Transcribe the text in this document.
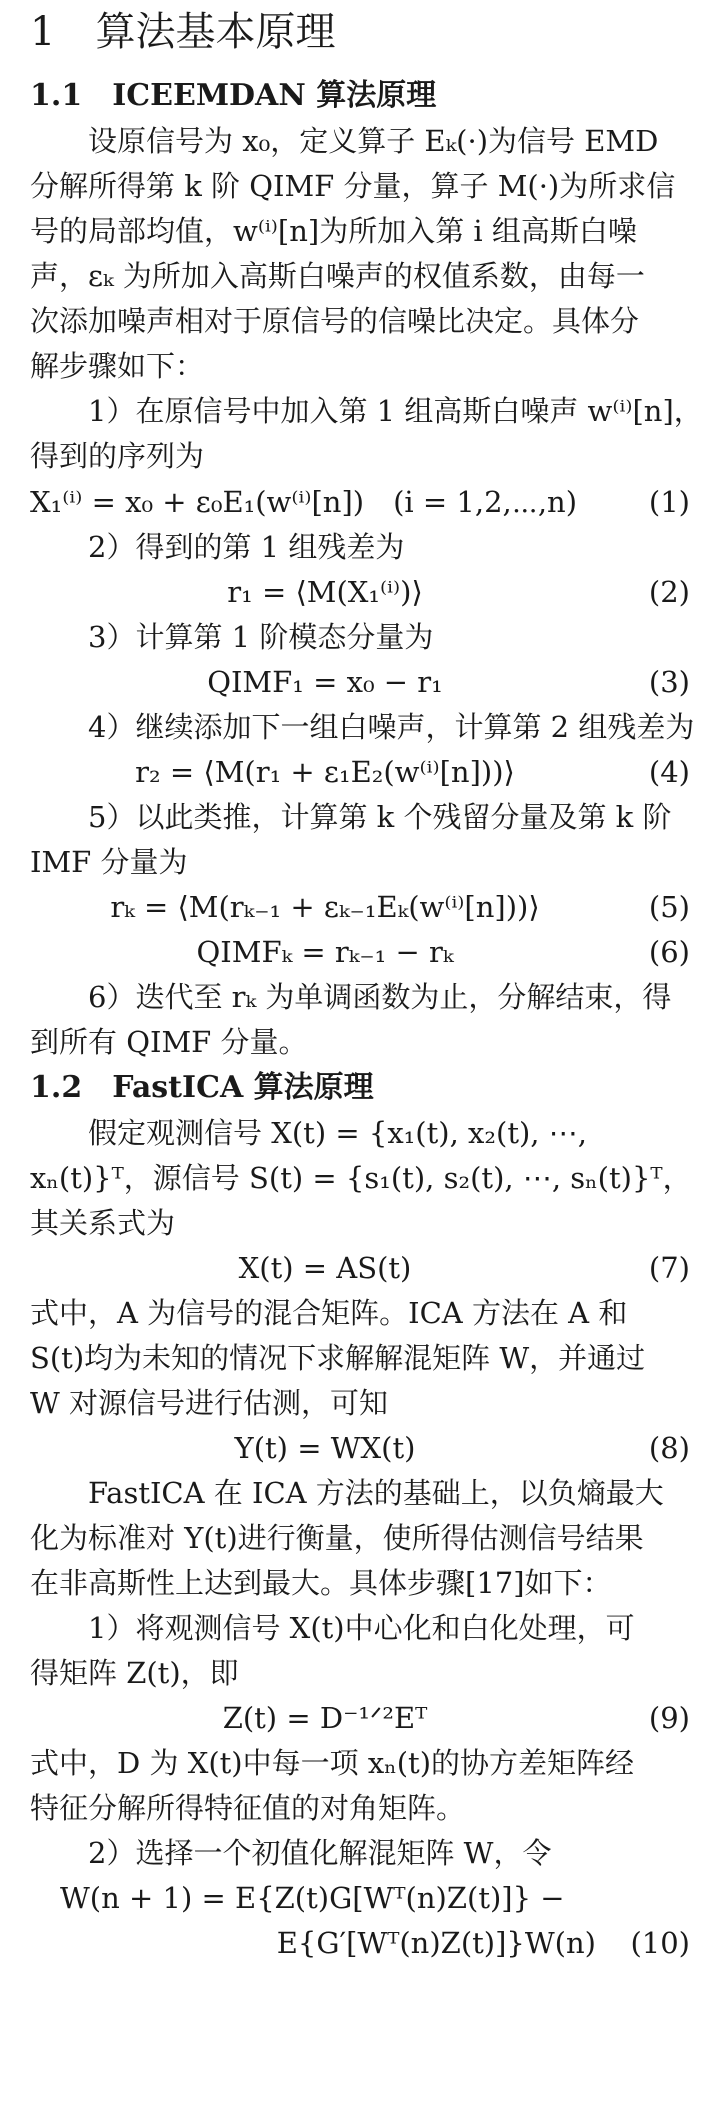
1　算法基本原理
1.1　ICEEMDAN 算法原理
设原信号为 x₀，定义算子 Eₖ(·)为信号 EMD
分解所得第 k 阶 QIMF 分量，算子 M(·)为所求信
号的局部均值，w⁽ⁱ⁾[n]为所加入第 i 组高斯白噪
声，εₖ 为所加入高斯白噪声的权值系数，由每一
次添加噪声相对于原信号的信噪比决定。具体分
解步骤如下：
1）在原信号中加入第 1 组高斯白噪声 w⁽ⁱ⁾[n]，
得到的序列为
X₁⁽ⁱ⁾ = x₀ + ε₀E₁(w⁽ⁱ⁾[n])　(i = 1,2,⋯,n)	(1)
2）得到的第 1 组残差为
r₁ = ⟨M(X₁⁽ⁱ⁾)⟩	(2)
3）计算第 1 阶模态分量为
QIMF₁ = x₀ − r₁	(3)
4）继续添加下一组白噪声，计算第 2 组残差为
r₂ = ⟨M(r₁ + ε₁E₂(w⁽ⁱ⁾[n]))⟩	(4)
5）以此类推，计算第 k 个残留分量及第 k 阶
IMF 分量为
rₖ = ⟨M(rₖ₋₁ + εₖ₋₁Eₖ(w⁽ⁱ⁾[n]))⟩	(5)
QIMFₖ = rₖ₋₁ − rₖ	(6)
6）迭代至 rₖ 为单调函数为止，分解结束，得
到所有 QIMF 分量。
1.2　FastICA 算法原理
假定观测信号 X(t) = {x₁(t), x₂(t), ⋯,
xₙ(t)}ᵀ，源信号 S(t) = {s₁(t), s₂(t), ⋯, sₙ(t)}ᵀ，
其关系式为
X(t) = AS(t)	(7)
式中，A 为信号的混合矩阵。ICA 方法在 A 和
S(t)均为未知的情况下求解解混矩阵 W，并通过
W 对源信号进行估测，可知
Y(t) = WX(t)	(8)
FastICA 在 ICA 方法的基础上，以负熵最大
化为标准对 Y(t)进行衡量，使所得估测信号结果
在非高斯性上达到最大。具体步骤[17]如下：
1）将观测信号 X(t)中心化和白化处理，可
得矩阵 Z(t)，即
Z(t) = D⁻¹ᐟ²Eᵀ	(9)
式中，D 为 X(t)中每一项 xₙ(t)的协方差矩阵经
特征分解所得特征值的对角矩阵。
2）选择一个初值化解混矩阵 W，令
W(n + 1) = E{Z(t)G[Wᵀ(n)Z(t)]} −
E{G′[Wᵀ(n)Z(t)]}W(n)	(10)
